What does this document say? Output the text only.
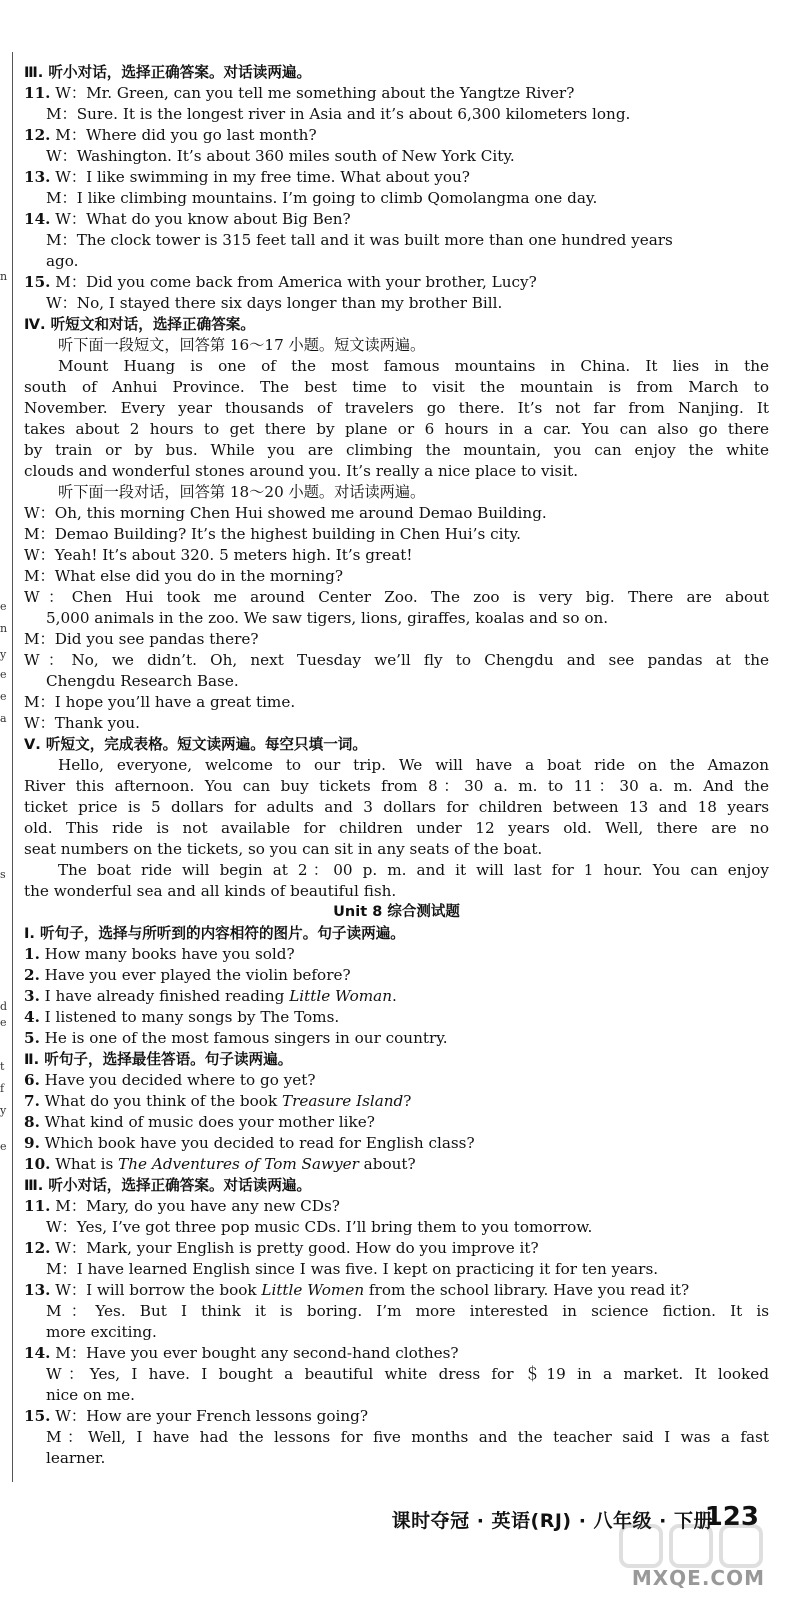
n
e
n
y
e
e
a
s
d
e
t
f
y
e
Ⅲ. 听小对话，选择正确答案。对话读两遍。
11. W：Mr. Green, can you tell me something about the Yangtze River?
M：Sure. It is the longest river in Asia and it’s about 6,300 kilometers long.
12. M：Where did you go last month?
W：Washington. It’s about 360 miles south of New York City.
13. W：I like swimming in my free time. What about you?
M：I like climbing mountains. I’m going to climb Qomolangma one day.
14. W：What do you know about Big Ben?
M：The clock tower is 315 feet tall and it was built more than one hundred years
ago.
15. M：Did you come back from America with your brother, Lucy?
W：No, I stayed there six days longer than my brother Bill.
Ⅳ. 听短文和对话，选择正确答案。
听下面一段短文，回答第 16～17 小题。短文读两遍。
Mount Huang is one of the most famous mountains in China. It lies in the
south of Anhui Province. The best time to visit the mountain is from March to
November. Every year thousands of travelers go there. It’s not far from Nanjing. It
takes about 2 hours to get there by plane or 6 hours in a car. You can also go there
by train or by bus. While you are climbing the mountain, you can enjoy the white
clouds and wonderful stones around you. It’s really a nice place to visit.
听下面一段对话，回答第 18～20 小题。对话读两遍。
W：Oh, this morning Chen Hui showed me around Demao Building.
M：Demao Building? It’s the highest building in Chen Hui’s city.
W：Yeah! It’s about 320. 5 meters high. It’s great!
M：What else did you do in the morning?
W：Chen Hui took me around Center Zoo. The zoo is very big. There are about
5,000 animals in the zoo. We saw tigers, lions, giraffes, koalas and so on.
M：Did you see pandas there?
W：No, we didn’t. Oh, next Tuesday we’ll fly to Chengdu and see pandas at the
Chengdu Research Base.
M：I hope you’ll have a great time.
W：Thank you.
Ⅴ. 听短文，完成表格。短文读两遍。每空只填一词。
Hello, everyone, welcome to our trip. We will have a boat ride on the Amazon
River this afternoon. You can buy tickets from 8：30 a. m. to 11：30 a. m. And the
ticket price is 5 dollars for adults and 3 dollars for children between 13 and 18 years
old. This ride is not available for children under 12 years old. Well, there are no
seat numbers on the tickets, so you can sit in any seats of the boat.
The boat ride will begin at 2：00 p. m. and it will last for 1 hour. You can enjoy
the wonderful sea and all kinds of beautiful fish.
Unit 8 综合测试题
Ⅰ. 听句子，选择与所听到的内容相符的图片。句子读两遍。
1. How many books have you sold?
2. Have you ever played the violin before?
3. I have already finished reading Little Woman.
4. I listened to many songs by The Toms.
5. He is one of the most famous singers in our country.
Ⅱ. 听句子，选择最佳答语。句子读两遍。
6. Have you decided where to go yet?
7. What do you think of the book Treasure Island?
8. What kind of music does your mother like?
9. Which book have you decided to read for English class?
10. What is The Adventures of Tom Sawyer about?
Ⅲ. 听小对话，选择正确答案。对话读两遍。
11. M：Mary, do you have any new CDs?
W：Yes, I’ve got three pop music CDs. I’ll bring them to you tomorrow.
12. W：Mark, your English is pretty good. How do you improve it?
M：I have learned English since I was five. I kept on practicing it for ten years.
13. W：I will borrow the book Little Women from the school library. Have you read it?
M：Yes. But I think it is boring. I’m more interested in science fiction. It is
more exciting.
14. M：Have you ever bought any second-hand clothes?
W：Yes, I have. I bought a beautiful white dress for ＄19 in a market. It looked
nice on me.
15. W：How are your French lessons going?
M：Well, I have had the lessons for five months and the teacher said I was a fast
learner.
课时夺冠 · 英语(RJ) · 八年级 · 下册
123
MXQE.COM
